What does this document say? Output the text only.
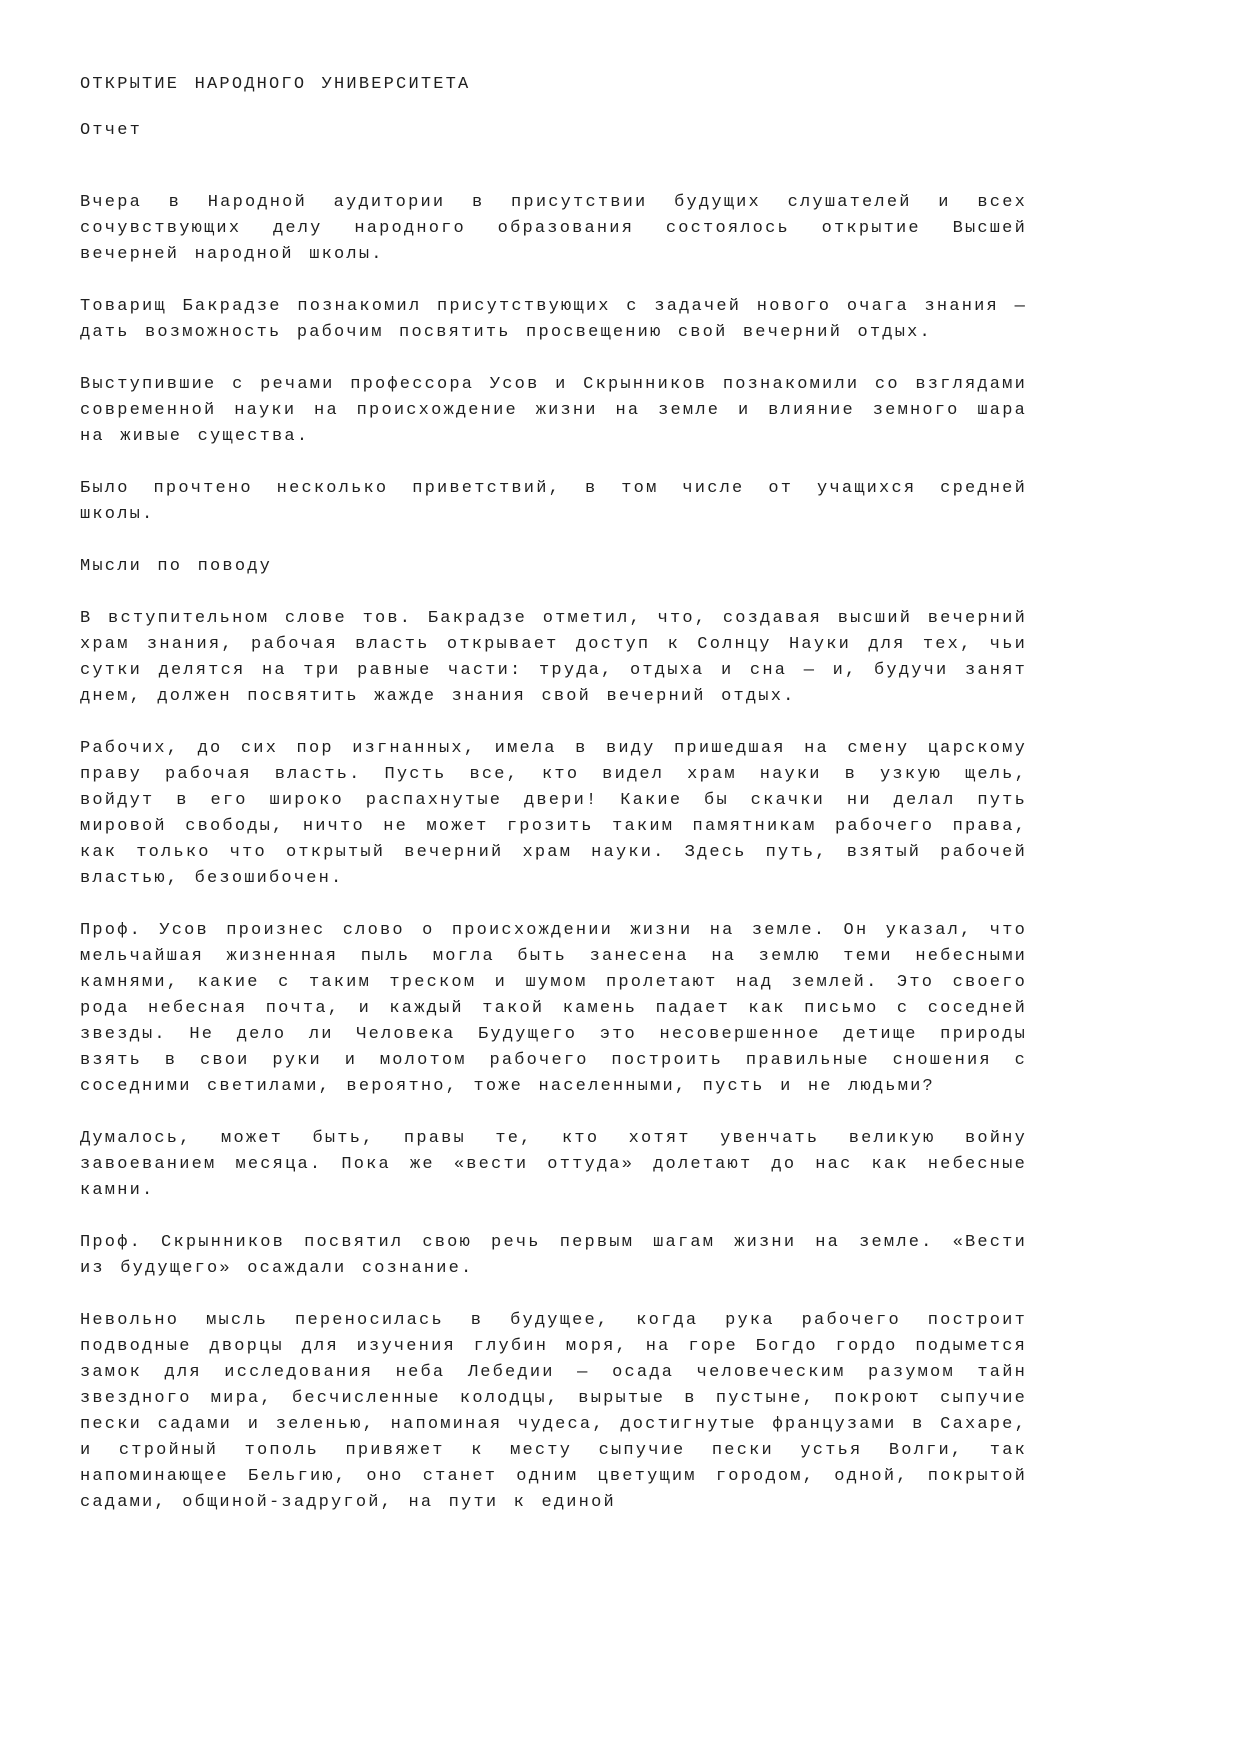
ОТКРЫТИЕ НАРОДНОГО УНИВЕРСИТЕТА

Отчет

Вчера в Народной аудитории в присутствии будущих слушателей и всех сочувствующих делу народного образования состоялось открытие Высшей вечерней народной школы.

Товарищ Бакрадзе познакомил присутствующих с задачей нового очага знания — дать возможность рабочим посвятить просвещению свой вечерний отдых.

Выступившие с речами профессора Усов и Скрынников познакомили со взглядами современной науки на происхождение жизни на земле и влияние земного шара на живые существа.

Было прочтено несколько приветствий, в том числе от учащихся средней школы.

Мысли по поводу

В вступительном слове тов. Бакрадзе отметил, что, создавая высший вечерний храм знания, рабочая власть открывает доступ к Солнцу Науки для тех, чьи сутки делятся на три равные части: труда, отдыха и сна — и, будучи занят днем, должен посвятить жажде знания свой вечерний отдых.

Рабочих, до сих пор изгнанных, имела в виду пришедшая на смену царскому праву рабочая власть. Пусть все, кто видел храм науки в узкую щель, войдут в его широко распахнутые двери! Какие бы скачки ни делал путь мировой свободы, ничто не может грозить таким памятникам рабочего права, как только что открытый вечерний храм науки. Здесь путь, взятый рабочей властью, безошибочен.

Проф. Усов произнес слово о происхождении жизни на земле. Он указал, что мельчайшая жизненная пыль могла быть занесена на землю теми небесными камнями, какие с таким треском и шумом пролетают над землей. Это своего рода небесная почта, и каждый такой камень падает как письмо с соседней звезды. Не дело ли Человека Будущего это несовершенное детище природы взять в свои руки и молотом рабочего построить правильные сношения с соседними светилами, вероятно, тоже населенными, пусть и не людьми?

Думалось, может быть, правы те, кто хотят увенчать великую войну завоеванием месяца. Пока же «вести оттуда» долетают до нас как небесные камни.

Проф. Скрынников посвятил свою речь первым шагам жизни на земле. «Вести из будущего» осаждали сознание.

Невольно мысль переносилась в будущее, когда рука рабочего построит подводные дворцы для изучения глубин моря, на горе Богдо гордо подымется замок для исследования неба Лебедии — осада человеческим разумом тайн звездного мира, бесчисленные колодцы, вырытые в пустыне, покроют сыпучие пески садами и зеленью, напоминая чудеса, достигнутые французами в Сахаре, и стройный тополь привяжет к месту сыпучие пески устья Волги, так напоминающее Бельгию, оно станет одним цветущим городом, одной, покрытой садами, общиной-задругой, на пути к единой
